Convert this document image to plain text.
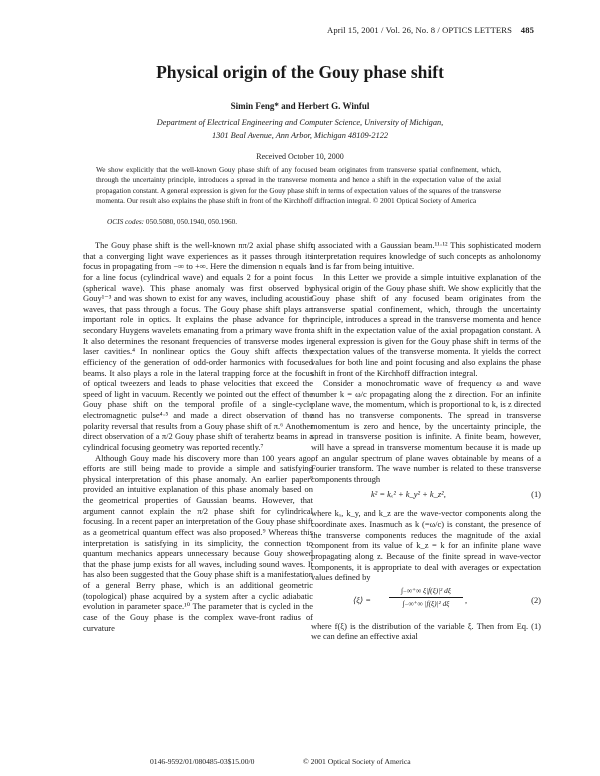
April 15, 2001 / Vol. 26, No. 8 / OPTICS LETTERS 485
Physical origin of the Gouy phase shift
Simin Feng* and Herbert G. Winful
Department of Electrical Engineering and Computer Science, University of Michigan,
1301 Beal Avenue, Ann Arbor, Michigan 48109-2122
Received October 10, 2000
We show explicitly that the well-known Gouy phase shift of any focused beam originates from transverse spatial confinement, which, through the uncertainty principle, introduces a spread in the transverse momenta and hence a shift in the expectation value of the axial propagation constant. A general expression is given for the Gouy phase shift in terms of expectation values of the squares of the transverse momenta. Our result also explains the phase shift in front of the Kirchhoff diffraction integral. © 2001 Optical Society of America
OCIS codes: 050.5080, 050.1940, 050.1960.

The Gouy phase shift is the well-known nπ/2 axial phase shift that a converging light wave experiences as it passes through its focus in propagating from −∞ to +∞. Here the dimension n equals 1 for a line focus (cylindrical wave) and equals 2 for a point focus (spherical wave). This phase anomaly was first observed by Gouy¹⁻³ and was shown to exist for any waves, including acoustic waves, that pass through a focus. The Gouy phase shift plays an important role in optics. It explains the phase advance for the secondary Huygens wavelets emanating from a primary wave front. It also determines the resonant frequencies of transverse modes in laser cavities.⁴ In nonlinear optics the Gouy shift affects the efficiency of the generation of odd-order harmonics with focused beams. It also plays a role in the lateral trapping force at the focus of optical tweezers and leads to phase velocities that exceed the speed of light in vacuum. Recently we pointed out the effect of the Gouy phase shift on the temporal profile of a single-cycle electromagnetic pulse⁴·⁵ and made a direct observation of the polarity reversal that results from a Gouy phase shift of π.⁶ Another direct observation of a π/2 Gouy phase shift of terahertz beams in a cylindrical focusing geometry was reported recently.⁷

Although Gouy made his discovery more than 100 years ago, efforts are still being made to provide a simple and satisfying physical interpretation of this phase anomaly. An earlier paper⁸ provided an intuitive explanation of this phase anomaly based on the geometrical properties of Gaussian beams. However, that argument cannot explain the π/2 phase shift for cylindrical focusing. In a recent paper an interpretation of the Gouy phase shift as a geometrical quantum effect was also proposed.⁹ Whereas this interpretation is satisfying in its simplicity, the connection to quantum mechanics appears unnecessary because Gouy showed that the phase jump exists for all waves, including sound waves. It has also been suggested that the Gouy phase shift is a manifestation of a general Berry phase, which is an additional geometric (topological) phase acquired by a system after a cyclic adiabatic evolution in parameter space.¹⁰ The parameter that is cycled in the case of the Gouy phase is the complex wave-front radius of curvature

q associated with a Gaussian beam.¹¹·¹² This sophisticated modern interpretation requires knowledge of such concepts as anholonomy and is far from being intuitive.

In this Letter we provide a simple intuitive explanation of the physical origin of the Gouy phase shift. We show explicitly that the Gouy phase shift of any focused beam originates from the transverse spatial confinement, which, through the uncertainty principle, introduces a spread in the transverse momenta and hence a shift in the expectation value of the axial propagation constant. A general expression is given for the Gouy phase shift in terms of the expectation values of the transverse momenta. It yields the correct values for both line and point focusing and also explains the phase shift in front of the Kirchhoff diffraction integral.

Consider a monochromatic wave of frequency ω and wave number k = ω/c propagating along the z direction. For an infinite plane wave, the momentum, which is proportional to k, is z directed and has no transverse components. The spread in transverse momentum is zero and hence, by the uncertainty principle, the spread in transverse position is infinite. A finite beam, however, will have a spread in transverse momentum because it is made up of an angular spectrum of plane waves obtainable by means of a Fourier transform. The wave number is related to these transverse components through

k² = kₓ² + k_y² + k_z²,	(1)

where kₓ, k_y, and k_z are the wave-vector components along the coordinate axes. Inasmuch as k (=ω/c) is constant, the presence of the transverse components reduces the magnitude of the axial component from its value of k_z = k for an infinite plane wave propagating along z. Because of the finite spread in wave-vector components, it is appropriate to deal with averages or expectation values defined by

⟨ξ⟩ = $\frac{\text{∫₋∞⁺∞ ξ|f(ξ)|² dξ}}{\text{∫₋∞⁺∞ |f(ξ)|² dξ}}$ ,	(2)

where f(ξ) is the distribution of the variable ξ. Then from Eq. (1) we can define an effective axial

0146-9592/01/080485-03$15.00/0	© 2001 Optical Society of America
